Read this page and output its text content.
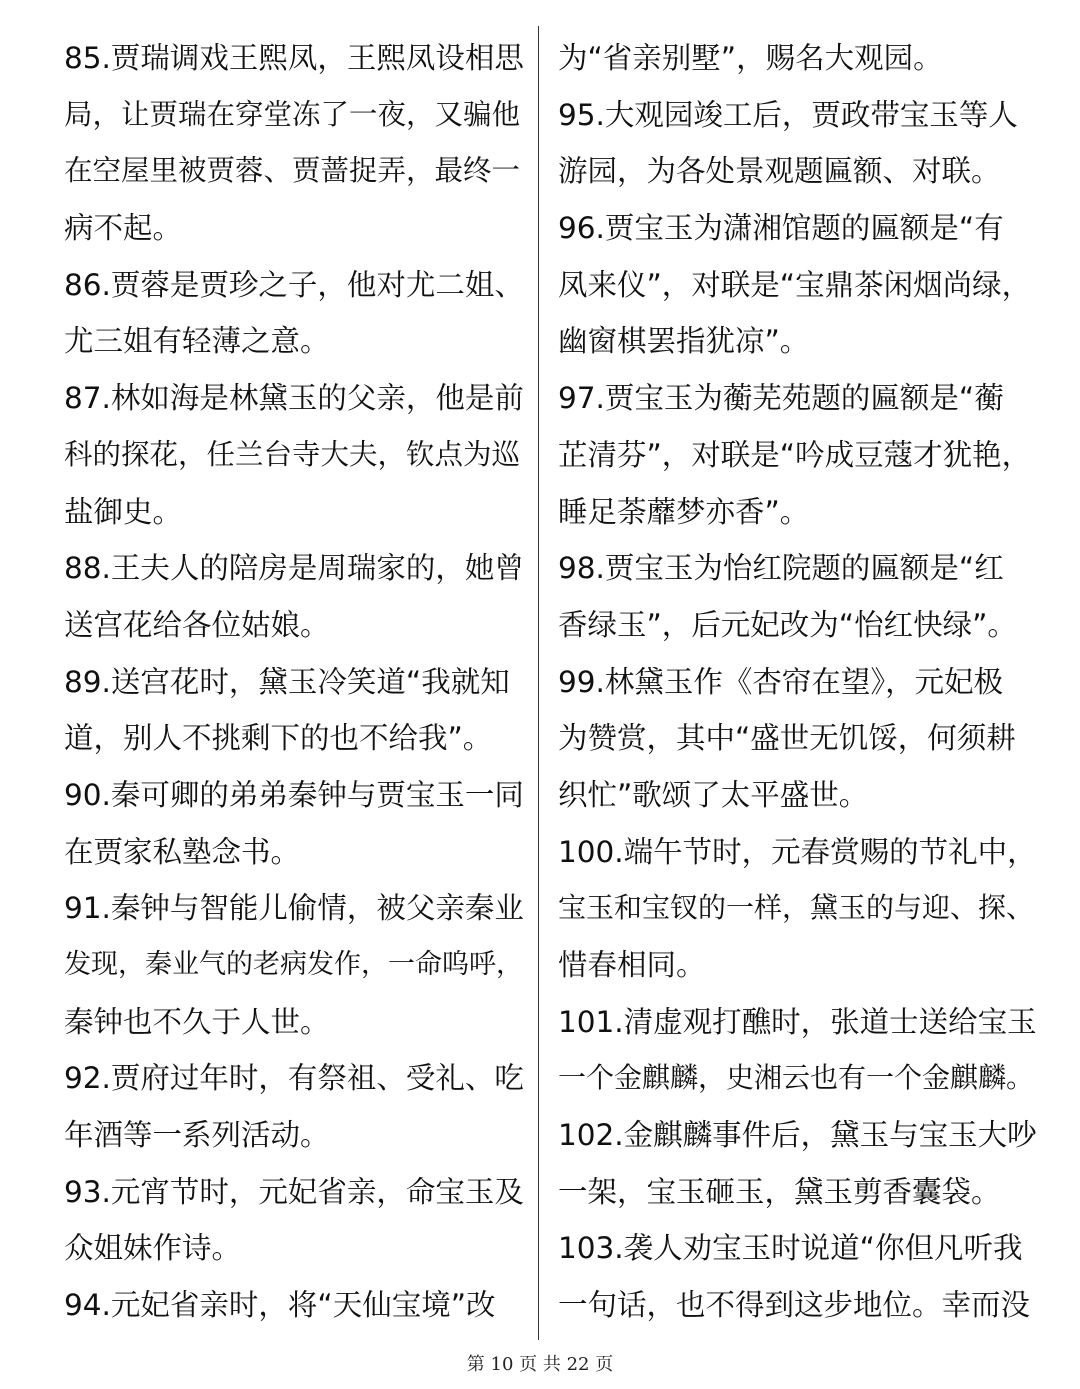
85.贾瑞调戏王熙凤，王熙凤设相思
局，让贾瑞在穿堂冻了一夜，又骗他
在空屋里被贾蓉、贾蔷捉弄，最终一
病不起。
86.贾蓉是贾珍之子，他对尤二姐、
尤三姐有轻薄之意。
87.林如海是林黛玉的父亲，他是前
科的探花，任兰台寺大夫，钦点为巡
盐御史。
88.王夫人的陪房是周瑞家的，她曾
送宫花给各位姑娘。
89.送宫花时，黛玉冷笑道“我就知
道，别人不挑剩下的也不给我”。
90.秦可卿的弟弟秦钟与贾宝玉一同
在贾家私塾念书。
91.秦钟与智能儿偷情，被父亲秦业
发现，秦业气的老病发作，一命呜呼，
秦钟也不久于人世。
92.贾府过年时，有祭祖、受礼、吃
年酒等一系列活动。
93.元宵节时，元妃省亲，命宝玉及
众姐妹作诗。
94.元妃省亲时，将“天仙宝境”改
为“省亲别墅”，赐名大观园。
95.大观园竣工后，贾政带宝玉等人
游园，为各处景观题匾额、对联。
96.贾宝玉为潇湘馆题的匾额是“有
凤来仪”，对联是“宝鼎茶闲烟尚绿，
幽窗棋罢指犹凉”。
97.贾宝玉为蘅芜苑题的匾额是“蘅
芷清芬”，对联是“吟成豆蔻才犹艳，
睡足荼蘼梦亦香”。
98.贾宝玉为怡红院题的匾额是“红
香绿玉”，后元妃改为“怡红快绿”。
99.林黛玉作《杏帘在望》，元妃极
为赞赏，其中“盛世无饥馁，何须耕
织忙”歌颂了太平盛世。
100.端午节时，元春赏赐的节礼中，
宝玉和宝钗的一样，黛玉的与迎、探、
惜春相同。
101.清虚观打醮时，张道士送给宝玉
一个金麒麟，史湘云也有一个金麒麟。
102.金麒麟事件后，黛玉与宝玉大吵
一架，宝玉砸玉，黛玉剪香囊袋。
103.袭人劝宝玉时说道“你但凡听我
一句话，也不得到这步地位。幸而没
第 10 页 共 22 页
